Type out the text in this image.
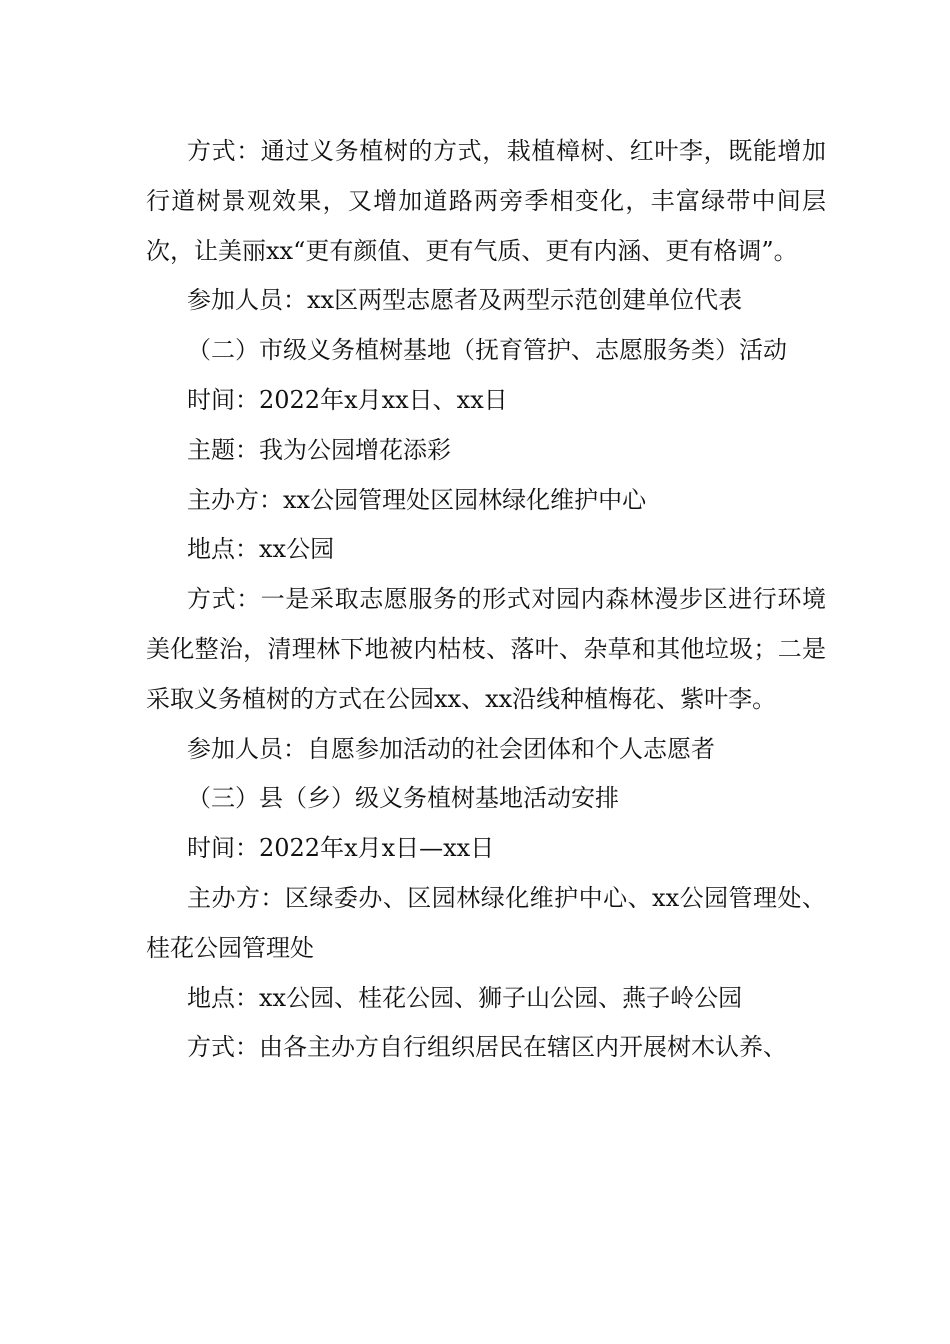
方式：通过义务植树的方式，栽植樟树、红叶李，既能增加行道树景观效果，又增加道路两旁季相变化，丰富绿带中间层次，让美丽xx“更有颜值、更有气质、更有内涵、更有格调”。

参加人员：xx区两型志愿者及两型示范创建单位代表

（二）市级义务植树基地（抚育管护、志愿服务类）活动

时间：2022年x月xx日、xx日

主题：我为公园增花添彩

主办方：xx公园管理处区园林绿化维护中心

地点：xx公园

方式：一是采取志愿服务的形式对园内森林漫步区进行环境美化整治，清理林下地被内枯枝、落叶、杂草和其他垃圾；二是采取义务植树的方式在公园xx、xx沿线种植梅花、紫叶李。

参加人员：自愿参加活动的社会团体和个人志愿者

（三）县（乡）级义务植树基地活动安排

时间：2022年x月x日—xx日

主办方：区绿委办、区园林绿化维护中心、xx公园管理处、桂花公园管理处

地点：xx公园、桂花公园、狮子山公园、燕子岭公园

方式：由各主办方自行组织居民在辖区内开展树木认养、
